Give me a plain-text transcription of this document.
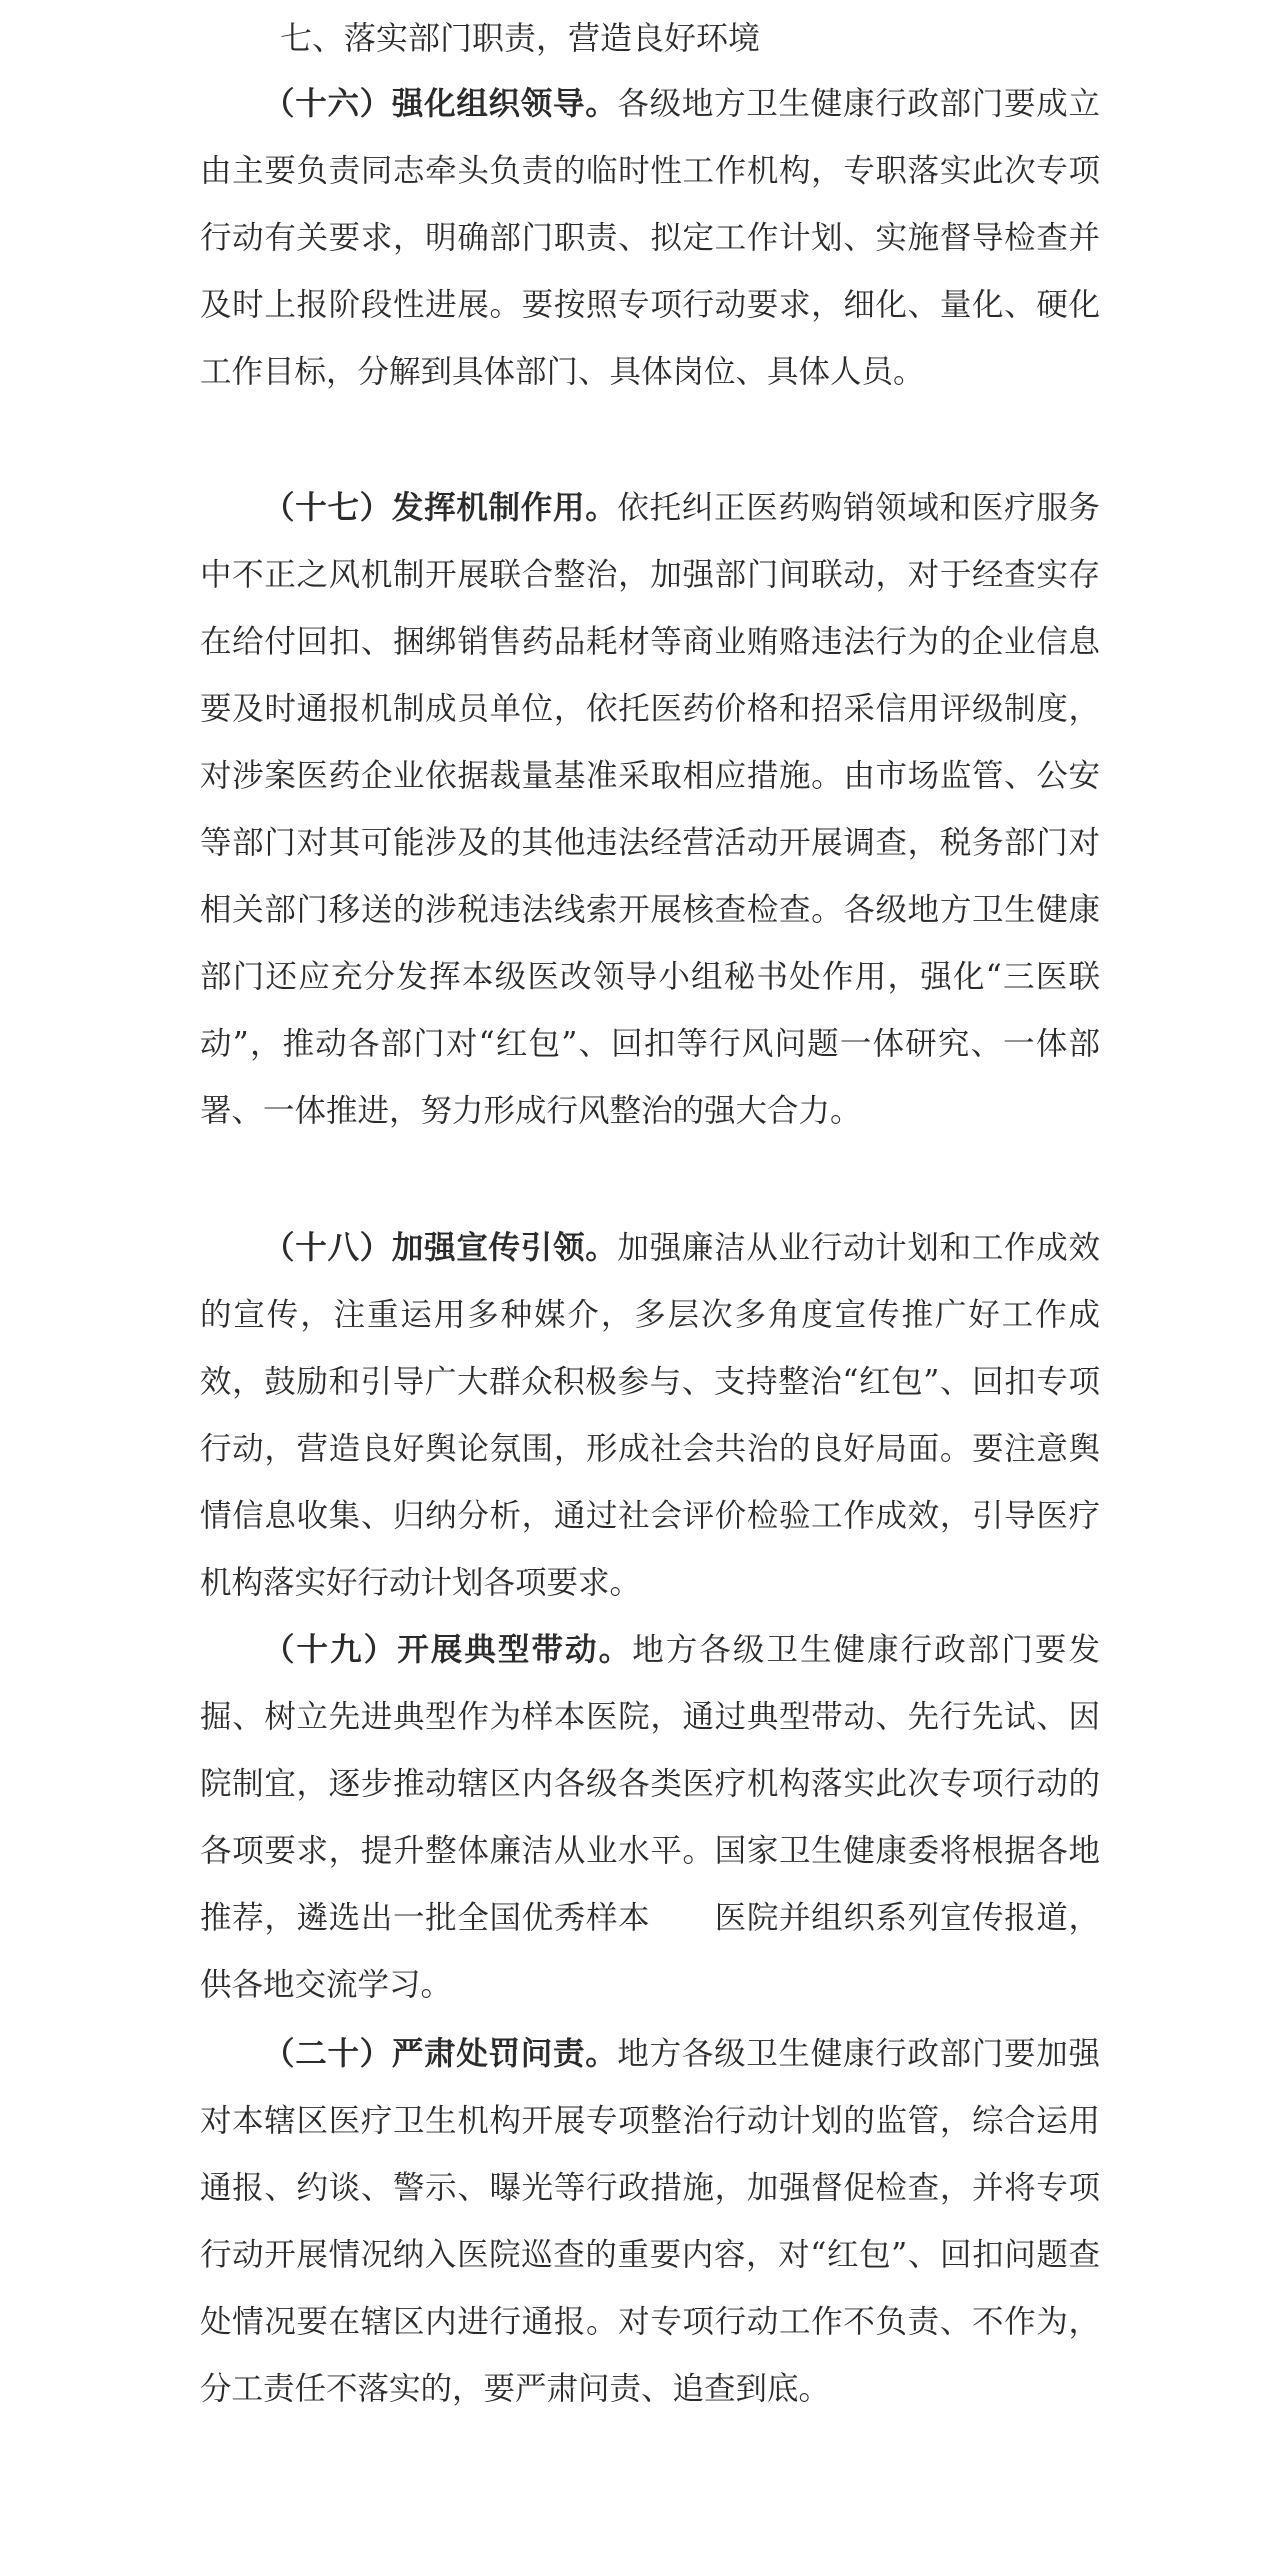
七、落实部门职责，营造良好环境

（十六）强化组织领导。各级地方卫生健康行政部门要成立由主要负责同志牵头负责的临时性工作机构，专职落实此次专项行动有关要求，明确部门职责、拟定工作计划、实施督导检查并及时上报阶段性进展。要按照专项行动要求，细化、量化、硬化工作目标，分解到具体部门、具体岗位、具体人员。

（十七）发挥机制作用。依托纠正医药购销领域和医疗服务中不正之风机制开展联合整治，加强部门间联动，对于经查实存在给付回扣、捆绑销售药品耗材等商业贿赂违法行为的企业信息要及时通报机制成员单位，依托医药价格和招采信用评级制度，对涉案医药企业依据裁量基准采取相应措施。由市场监管、公安等部门对其可能涉及的其他违法经营活动开展调查，税务部门对相关部门移送的涉税违法线索开展核查检查。各级地方卫生健康部门还应充分发挥本级医改领导小组秘书处作用，强化“三医联动”，推动各部门对“红包”、回扣等行风问题一体研究、一体部署、一体推进，努力形成行风整治的强大合力。

（十八）加强宣传引领。加强廉洁从业行动计划和工作成效的宣传，注重运用多种媒介，多层次多角度宣传推广好工作成效，鼓励和引导广大群众积极参与、支持整治“红包”、回扣专项行动，营造良好舆论氛围，形成社会共治的良好局面。要注意舆情信息收集、归纳分析，通过社会评价检验工作成效，引导医疗机构落实好行动计划各项要求。

（十九）开展典型带动。地方各级卫生健康行政部门要发掘、树立先进典型作为样本医院，通过典型带动、先行先试、因院制宜，逐步推动辖区内各级各类医疗机构落实此次专项行动的各项要求，提升整体廉洁从业水平。国家卫生健康委将根据各地推荐，遴选出一批全国优秀样本　　医院并组织系列宣传报道，供各地交流学习。

（二十）严肃处罚问责。地方各级卫生健康行政部门要加强对本辖区医疗卫生机构开展专项整治行动计划的监管，综合运用通报、约谈、警示、曝光等行政措施，加强督促检查，并将专项行动开展情况纳入医院巡查的重要内容，对“红包”、回扣问题查处情况要在辖区内进行通报。对专项行动工作不负责、不作为，分工责任不落实的，要严肃问责、追查到底。
